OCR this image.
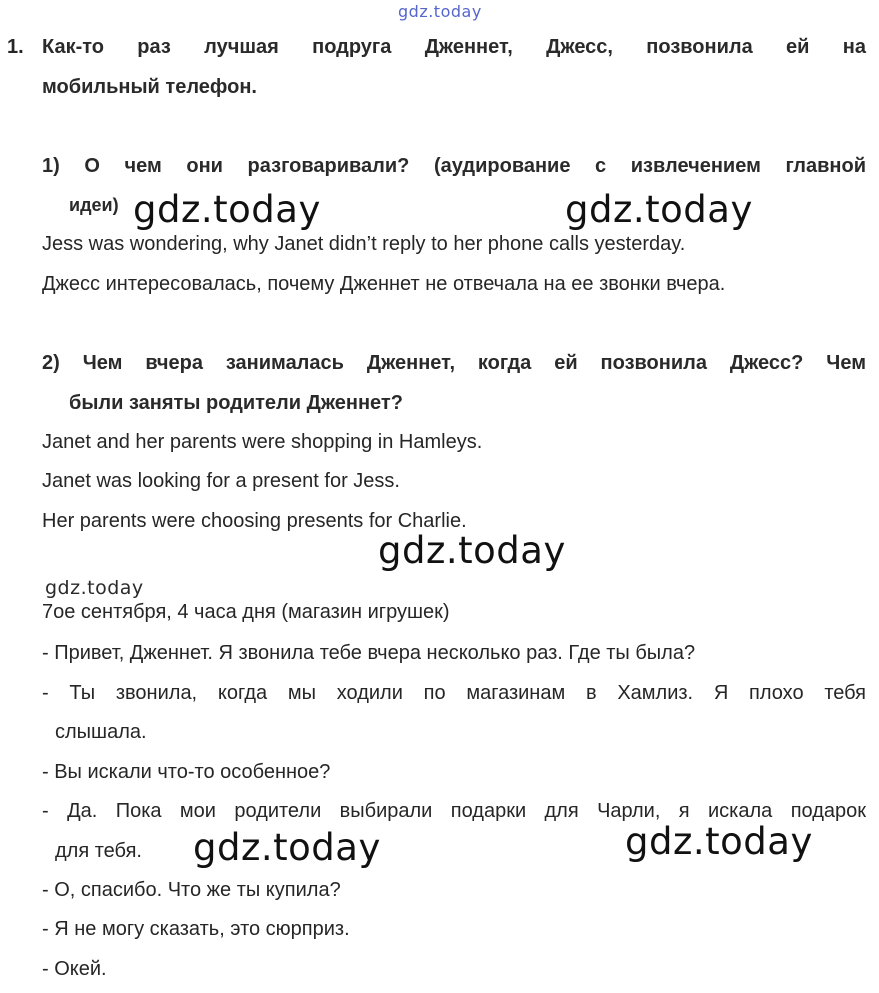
gdz.today
1. Как-то раз лучшая подруга Дженнет, Джесс, позвонила ей на

мобильный телефон.

1) О чем они разговаривали? (аудирование с извлечением главной

идеи) gdz.today	gdz.today

Jess was wondering, why Janet didn’t reply to her phone calls yesterday.

Джесс интересовалась, почему Дженнет не отвечала на ее звонки вчера.

2) Чем вчера занималась Дженнет, когда ей позвонила Джесс? Чем

были заняты родители Дженнет?

Janet and her parents were shopping in Hamleys.

Janet was looking for a present for Jess.

Her parents were choosing presents for Charlie.

gdz.today
gdz.today

7ое сентября, 4 часа дня (магазин игрушек)

- Привет, Дженнет. Я звонила тебе вчера несколько раз. Где ты была?

- Ты звонила, когда мы ходили по магазинам в Хамлиз. Я плохо тебя

слышала.

- Вы искали что-то особенное?

- Да. Пока мои родители выбирали подарки для Чарли, я искала подарок

для тебя. gdz.today	gdz.today

- О, спасибо. Что же ты купила?

- Я не могу сказать, это сюрприз.

- Окей.
